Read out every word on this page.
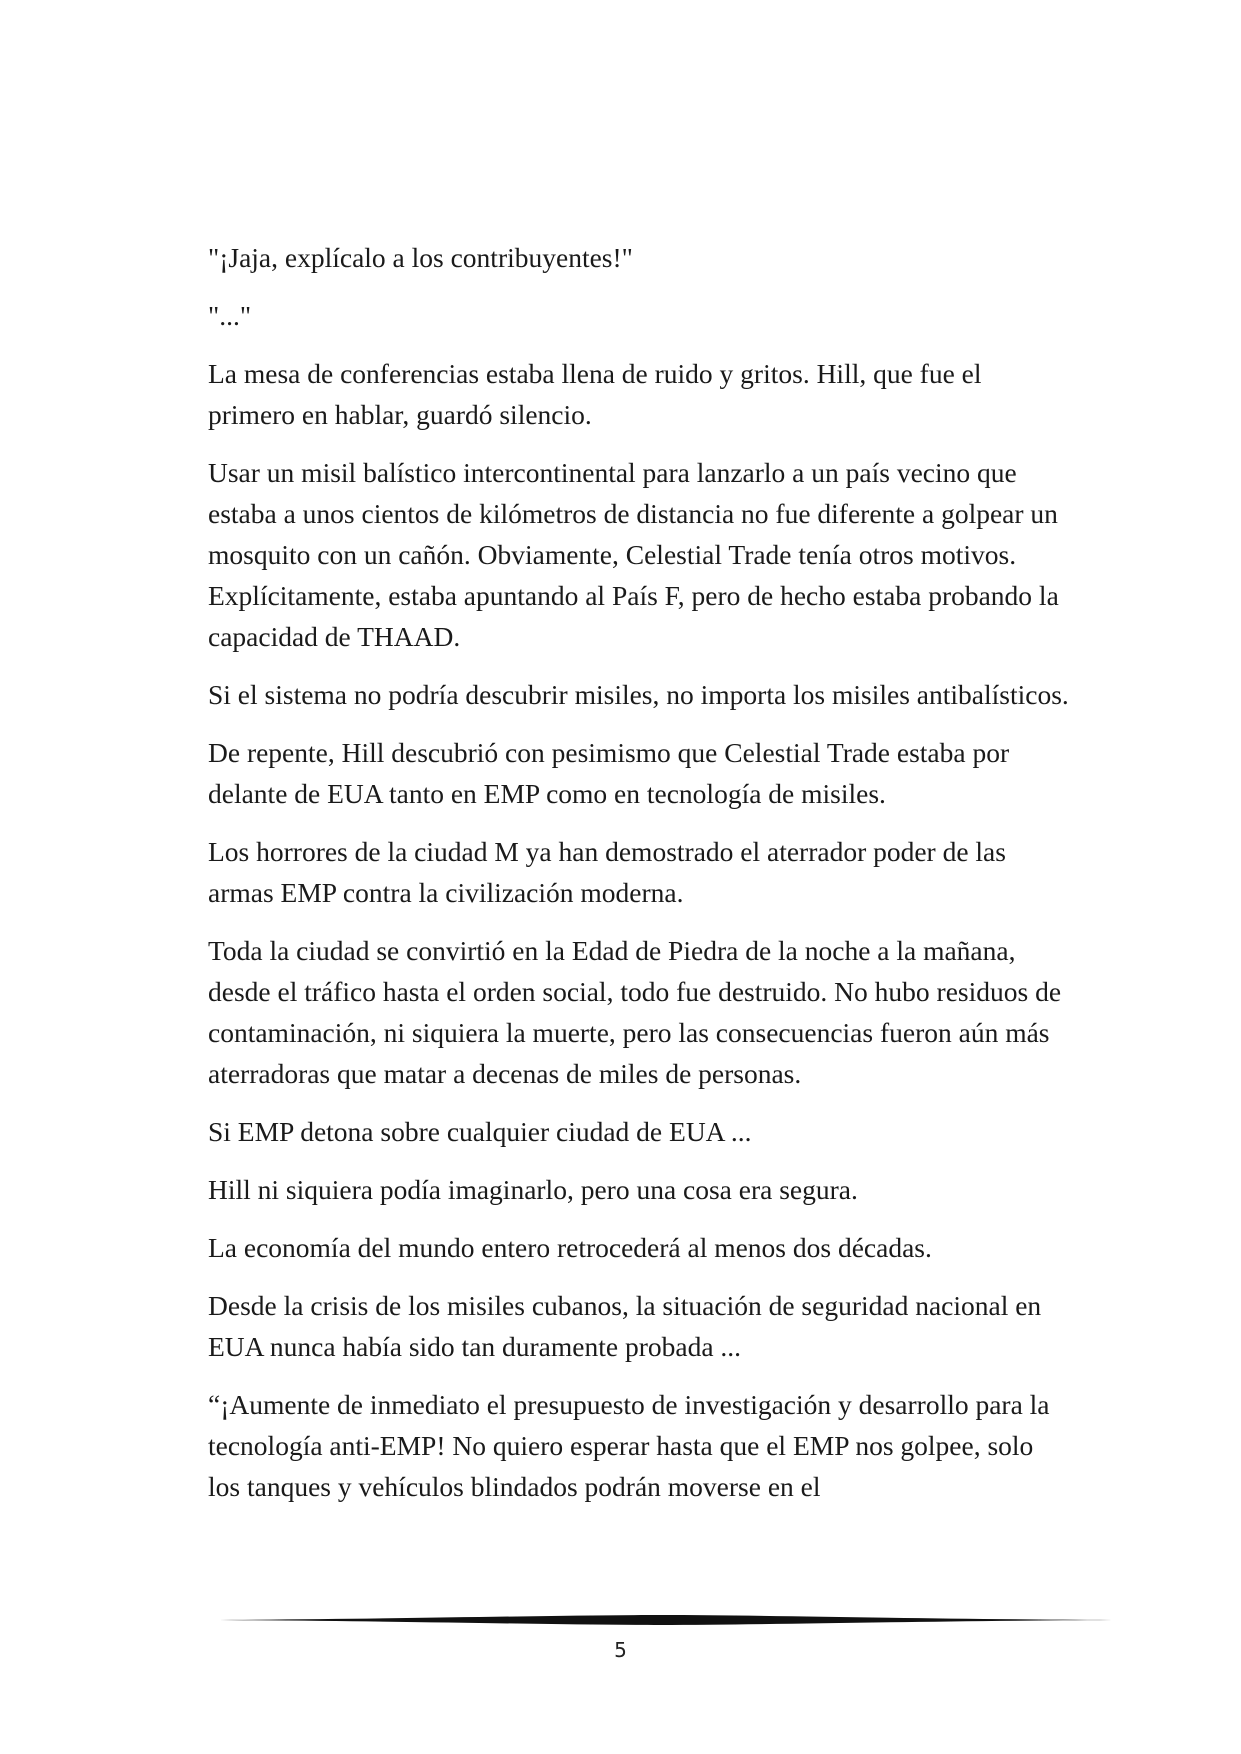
"¡Jaja, explícalo a los contribuyentes!"

"..."

La mesa de conferencias estaba llena de ruido y gritos. Hill, que fue el primero en hablar, guardó silencio.

Usar un misil balístico intercontinental para lanzarlo a un país vecino que estaba a unos cientos de kilómetros de distancia no fue diferente a golpear un mosquito con un cañón. Obviamente, Celestial Trade tenía otros motivos. Explícitamente, estaba apuntando al País F, pero de hecho estaba probando la capacidad de THAAD.

Si el sistema no podría descubrir misiles, no importa los misiles antibalísticos.

De repente, Hill descubrió con pesimismo que Celestial Trade estaba por delante de EUA tanto en EMP como en tecnología de misiles.

Los horrores de la ciudad M ya han demostrado el aterrador poder de las armas EMP contra la civilización moderna.

Toda la ciudad se convirtió en la Edad de Piedra de la noche a la mañana, desde el tráfico hasta el orden social, todo fue destruido. No hubo residuos de contaminación, ni siquiera la muerte, pero las consecuencias fueron aún más aterradoras que matar a decenas de miles de personas.

Si EMP detona sobre cualquier ciudad de EUA ...

Hill ni siquiera podía imaginarlo, pero una cosa era segura.

La economía del mundo entero retrocederá al menos dos décadas.

Desde la crisis de los misiles cubanos, la situación de seguridad nacional en EUA nunca había sido tan duramente probada ...

“¡Aumente de inmediato el presupuesto de investigación y desarrollo para la tecnología anti-EMP! No quiero esperar hasta que el EMP nos golpee, solo los tanques y vehículos blindados podrán moverse en el

5
